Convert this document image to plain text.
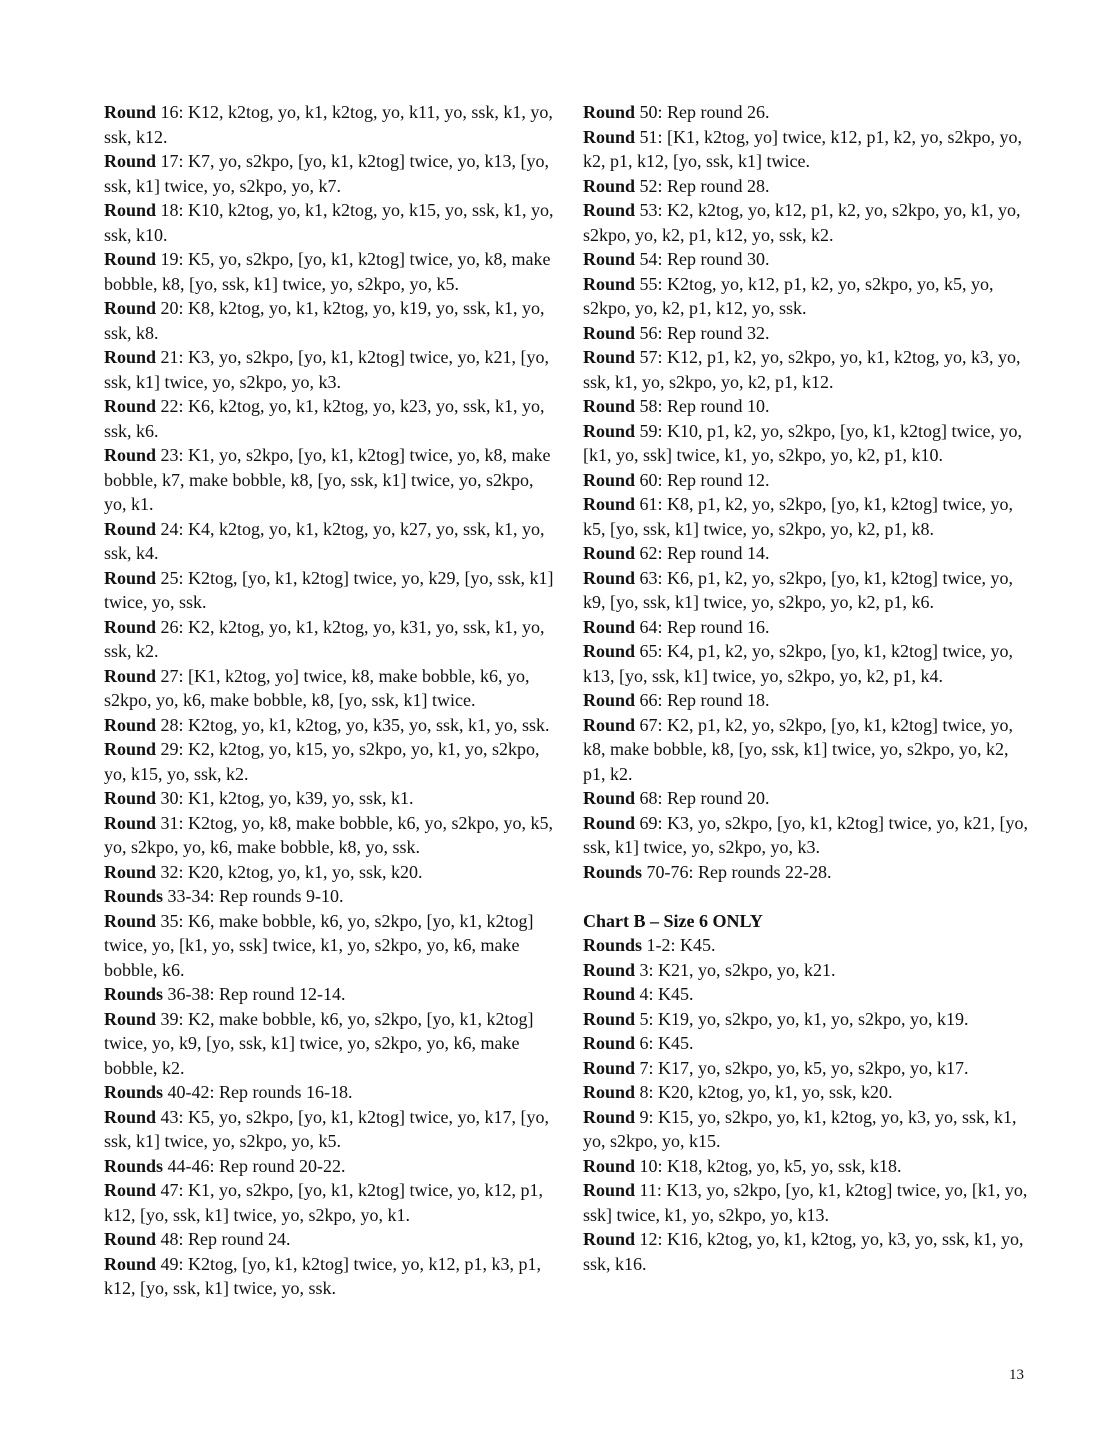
Round 16: K12, k2tog, yo, k1, k2tog, yo, k11, yo, ssk, k1, yo, ssk, k12.

Round 17: K7, yo, s2kpo, [yo, k1, k2tog] twice, yo, k13, [yo, ssk, k1] twice, yo, s2kpo, yo, k7.

Round 18: K10, k2tog, yo, k1, k2tog, yo, k15, yo, ssk, k1, yo, ssk, k10.

Round 19: K5, yo, s2kpo, [yo, k1, k2tog] twice, yo, k8, make bobble, k8, [yo, ssk, k1] twice, yo, s2kpo, yo, k5.

Round 20: K8, k2tog, yo, k1, k2tog, yo, k19, yo, ssk, k1, yo, ssk, k8.

Round 21: K3, yo, s2kpo, [yo, k1, k2tog] twice, yo, k21, [yo, ssk, k1] twice, yo, s2kpo, yo, k3.

Round 22: K6, k2tog, yo, k1, k2tog, yo, k23, yo, ssk, k1, yo, ssk, k6.

Round 23: K1, yo, s2kpo, [yo, k1, k2tog] twice, yo, k8, make bobble, k7, make bobble, k8, [yo, ssk, k1] twice, yo, s2kpo, yo, k1.

Round 24: K4, k2tog, yo, k1, k2tog, yo, k27, yo, ssk, k1, yo, ssk, k4.

Round 25: K2tog, [yo, k1, k2tog] twice, yo, k29, [yo, ssk, k1] twice, yo, ssk.

Round 26: K2, k2tog, yo, k1, k2tog, yo, k31, yo, ssk, k1, yo, ssk, k2.

Round 27: [K1, k2tog, yo] twice, k8, make bobble, k6, yo, s2kpo, yo, k6, make bobble, k8, [yo, ssk, k1] twice.

Round 28: K2tog, yo, k1, k2tog, yo, k35, yo, ssk, k1, yo, ssk.

Round 29: K2, k2tog, yo, k15, yo, s2kpo, yo, k1, yo, s2kpo, yo, k15, yo, ssk, k2.

Round 30: K1, k2tog, yo, k39, yo, ssk, k1.

Round 31: K2tog, yo, k8, make bobble, k6, yo, s2kpo, yo, k5, yo, s2kpo, yo, k6, make bobble, k8, yo, ssk.

Round 32: K20, k2tog, yo, k1, yo, ssk, k20.

Rounds 33-34: Rep rounds 9-10.

Round 35: K6, make bobble, k6, yo, s2kpo, [yo, k1, k2tog] twice, yo, [k1, yo, ssk] twice, k1, yo, s2kpo, yo, k6, make bobble, k6.

Rounds 36-38: Rep round 12-14.

Round 39: K2, make bobble, k6, yo, s2kpo, [yo, k1, k2tog] twice, yo, k9, [yo, ssk, k1] twice, yo, s2kpo, yo, k6, make bobble, k2.

Rounds 40-42: Rep rounds 16-18.

Round 43: K5, yo, s2kpo, [yo, k1, k2tog] twice, yo, k17, [yo, ssk, k1] twice, yo, s2kpo, yo, k5.

Rounds 44-46: Rep round 20-22.

Round 47: K1, yo, s2kpo, [yo, k1, k2tog] twice, yo, k12, p1, k12, [yo, ssk, k1] twice, yo, s2kpo, yo, k1.

Round 48: Rep round 24.

Round 49: K2tog, [yo, k1, k2tog] twice, yo, k12, p1, k3, p1, k12, [yo, ssk, k1] twice, yo, ssk.

Round 50: Rep round 26.

Round 51: [K1, k2tog, yo] twice, k12, p1, k2, yo, s2kpo, yo, k2, p1, k12, [yo, ssk, k1] twice.

Round 52: Rep round 28.

Round 53: K2, k2tog, yo, k12, p1, k2, yo, s2kpo, yo, k1, yo, s2kpo, yo, k2, p1, k12, yo, ssk, k2.

Round 54: Rep round 30.

Round 55: K2tog, yo, k12, p1, k2, yo, s2kpo, yo, k5, yo, s2kpo, yo, k2, p1, k12, yo, ssk.

Round 56: Rep round 32.

Round 57: K12, p1, k2, yo, s2kpo, yo, k1, k2tog, yo, k3, yo, ssk, k1, yo, s2kpo, yo, k2, p1, k12.

Round 58: Rep round 10.

Round 59: K10, p1, k2, yo, s2kpo, [yo, k1, k2tog] twice, yo, [k1, yo, ssk] twice, k1, yo, s2kpo, yo, k2, p1, k10.

Round 60: Rep round 12.

Round 61: K8, p1, k2, yo, s2kpo, [yo, k1, k2tog] twice, yo, k5, [yo, ssk, k1] twice, yo, s2kpo, yo, k2, p1, k8.

Round 62: Rep round 14.

Round 63: K6, p1, k2, yo, s2kpo, [yo, k1, k2tog] twice, yo, k9, [yo, ssk, k1] twice, yo, s2kpo, yo, k2, p1, k6.

Round 64: Rep round 16.

Round 65: K4, p1, k2, yo, s2kpo, [yo, k1, k2tog] twice, yo, k13, [yo, ssk, k1] twice, yo, s2kpo, yo, k2, p1, k4.

Round 66: Rep round 18.

Round 67: K2, p1, k2, yo, s2kpo, [yo, k1, k2tog] twice, yo, k8, make bobble, k8, [yo, ssk, k1] twice, yo, s2kpo, yo, k2, p1, k2.

Round 68: Rep round 20.

Round 69: K3, yo, s2kpo, [yo, k1, k2tog] twice, yo, k21, [yo, ssk, k1] twice, yo, s2kpo, yo, k3.

Rounds 70-76: Rep rounds 22-28.

Chart B – Size 6 ONLY

Rounds 1-2: K45.

Round 3: K21, yo, s2kpo, yo, k21.

Round 4: K45.

Round 5: K19, yo, s2kpo, yo, k1, yo, s2kpo, yo, k19.

Round 6: K45.

Round 7: K17, yo, s2kpo, yo, k5, yo, s2kpo, yo, k17.

Round 8: K20, k2tog, yo, k1, yo, ssk, k20.

Round 9: K15, yo, s2kpo, yo, k1, k2tog, yo, k3, yo, ssk, k1, yo, s2kpo, yo, k15.

Round 10: K18, k2tog, yo, k5, yo, ssk, k18.

Round 11: K13, yo, s2kpo, [yo, k1, k2tog] twice, yo, [k1, yo, ssk] twice, k1, yo, s2kpo, yo, k13.

Round 12: K16, k2tog, yo, k1, k2tog, yo, k3, yo, ssk, k1, yo, ssk, k16.

13
